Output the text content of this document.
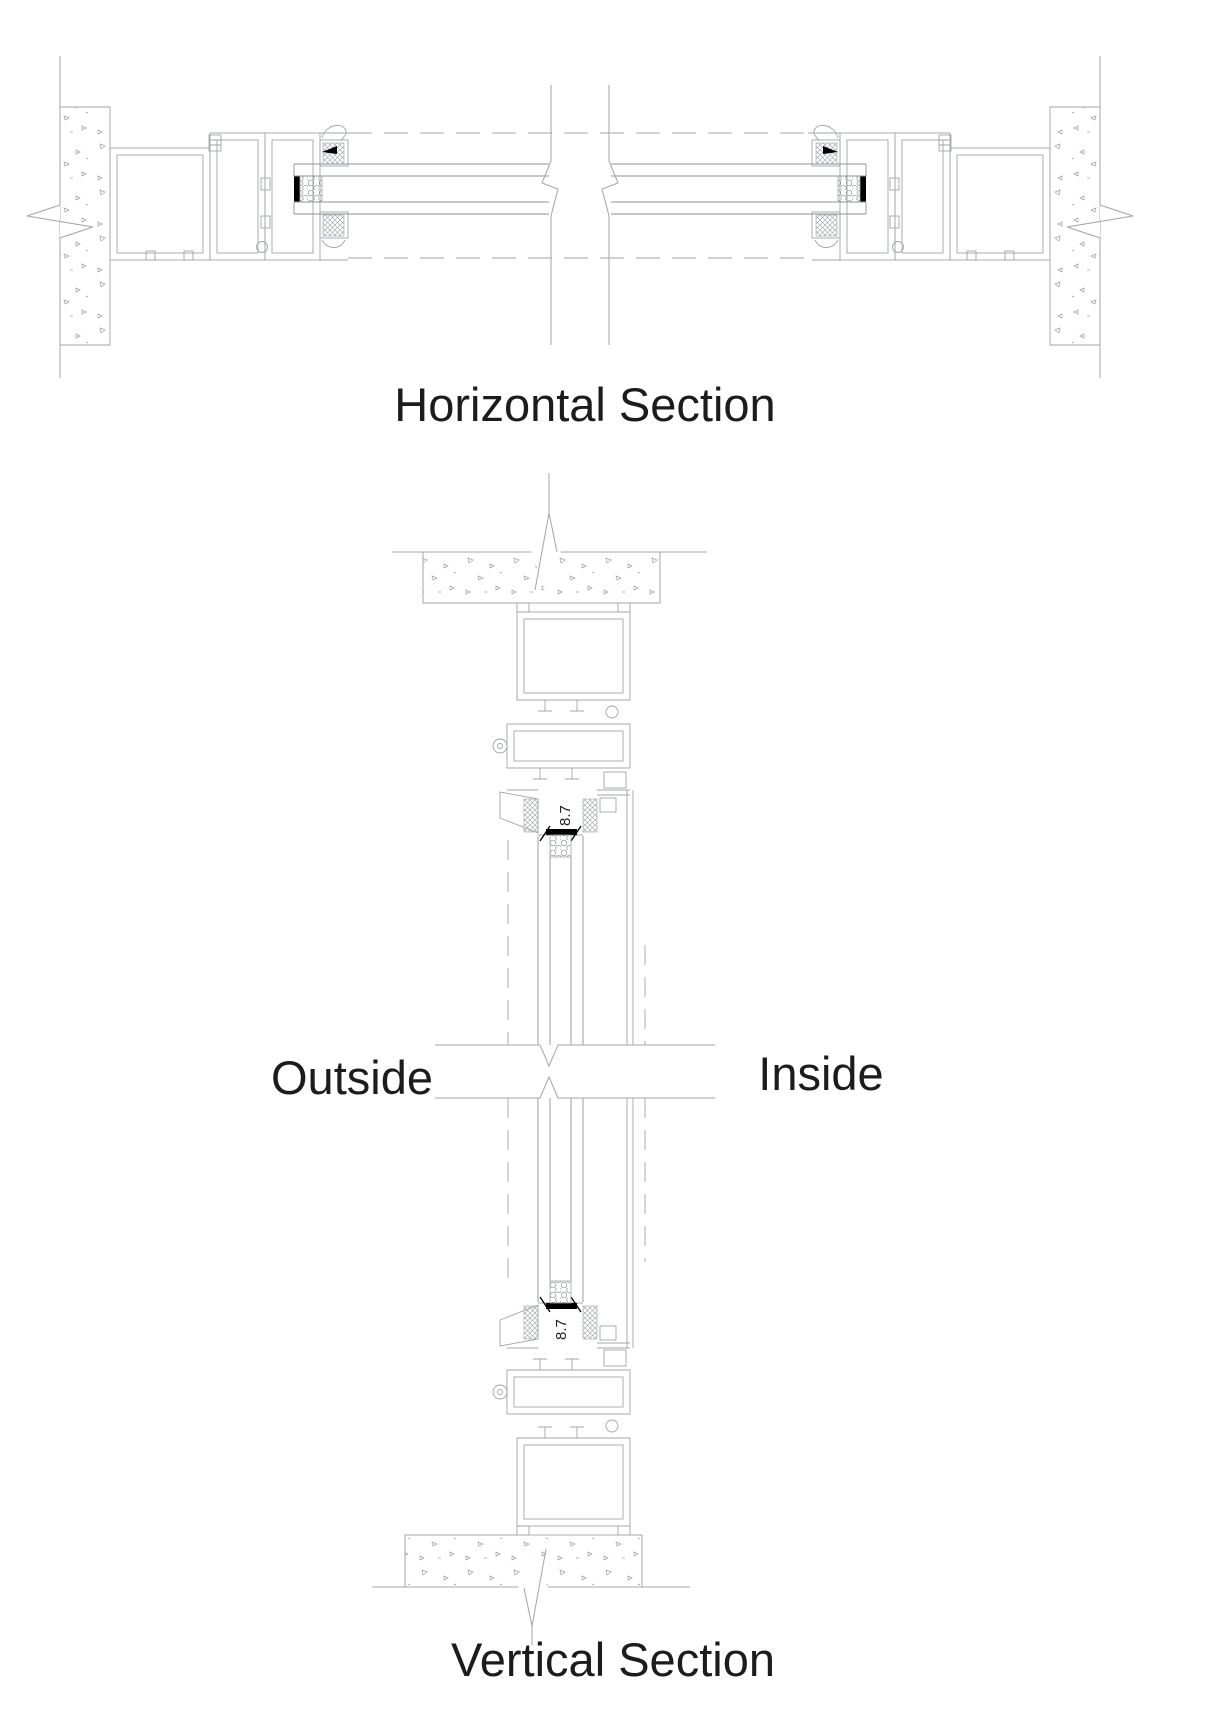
Horizontal Section
8.7
8.7
Outside	Inside
Vertical Section
